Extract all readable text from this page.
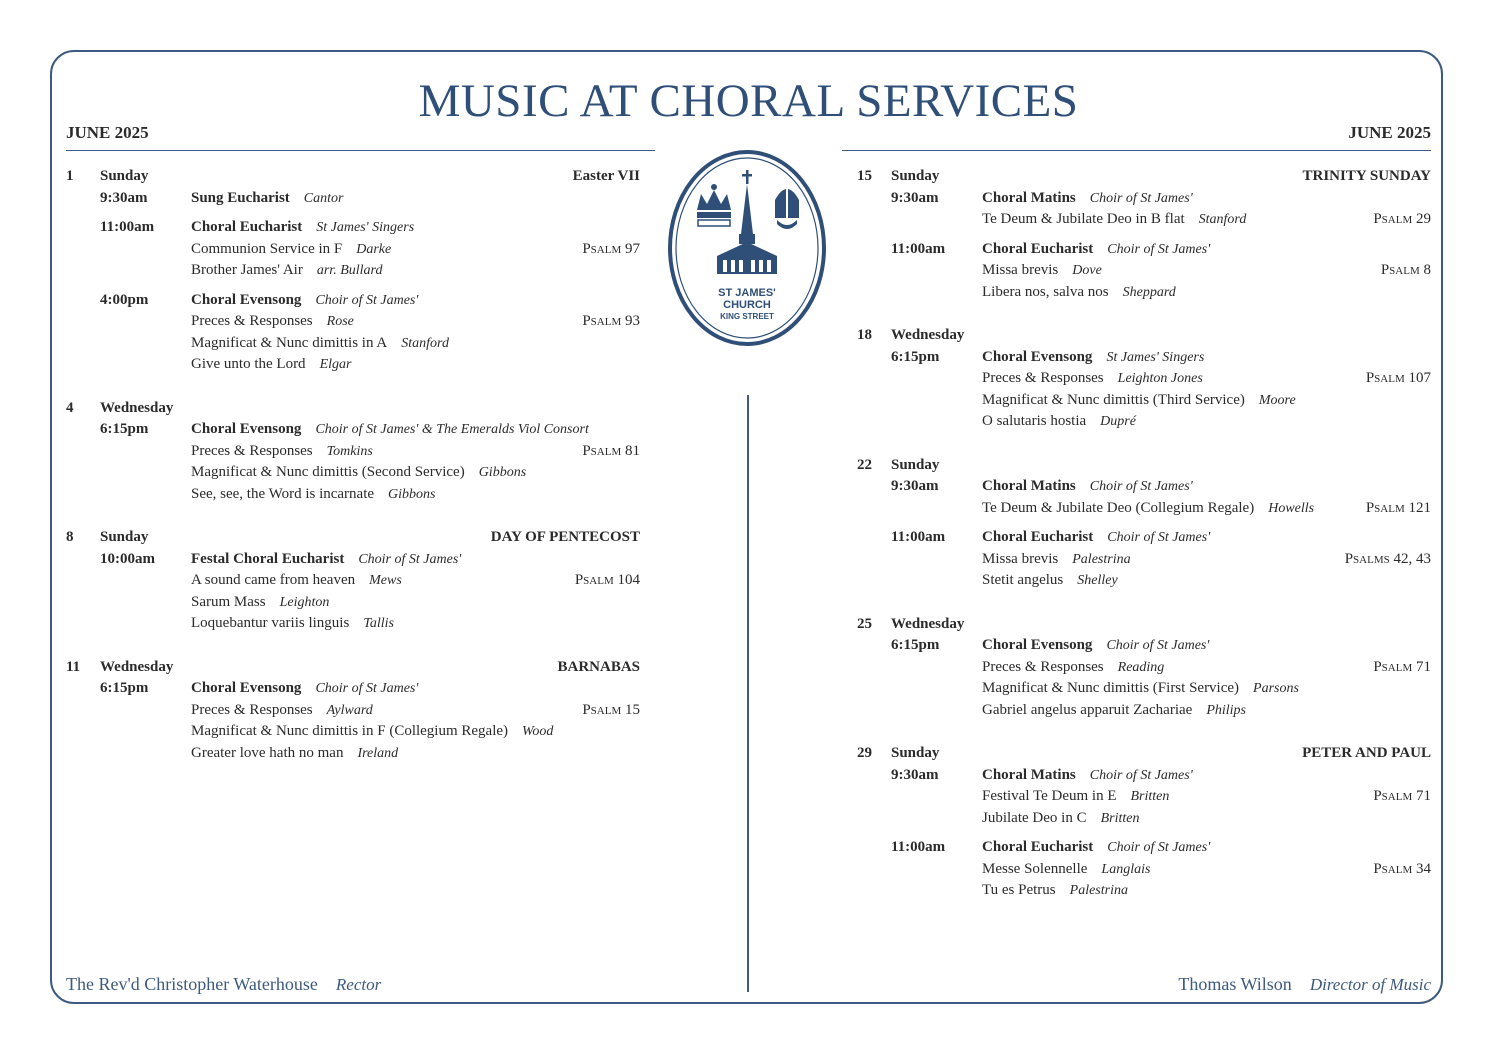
MUSIC AT CHORAL SERVICES
JUNE 2025	JUNE 2025
ST JAMES'
CHURCH
KING STREET
1	Sunday	Easter VII
9:30am	Sung Eucharist Cantor
11:00am	Choral Eucharist St James' Singers
Communion Service in F Darke	Psalm 97
Brother James' Air arr. Bullard
4:00pm	Choral Evensong Choir of St James'
Preces & Responses Rose	Psalm 93
Magnificat & Nunc dimittis in A Stanford
Give unto the Lord Elgar
4	Wednesday
6:15pm	Choral Evensong Choir of St James' & The Emeralds Viol Consort
Preces & Responses Tomkins	Psalm 81
Magnificat & Nunc dimittis (Second Service) Gibbons
See, see, the Word is incarnate Gibbons
8	Sunday	DAY OF PENTECOST
10:00am	Festal Choral Eucharist Choir of St James'
A sound came from heaven Mews	Psalm 104
Sarum Mass Leighton
Loquebantur variis linguis Tallis
11	Wednesday	BARNABAS
6:15pm	Choral Evensong Choir of St James'
Preces & Responses Aylward	Psalm 15
Magnificat & Nunc dimittis in F (Collegium Regale) Wood
Greater love hath no man Ireland
15	Sunday	TRINITY SUNDAY
9:30am	Choral Matins Choir of St James'
Te Deum & Jubilate Deo in B flat Stanford	Psalm 29
11:00am	Choral Eucharist Choir of St James'
Missa brevis Dove	Psalm 8
Libera nos, salva nos Sheppard
18	Wednesday
6:15pm	Choral Evensong St James' Singers
Preces & Responses Leighton Jones	Psalm 107
Magnificat & Nunc dimittis (Third Service) Moore
O salutaris hostia Dupré
22	Sunday
9:30am	Choral Matins Choir of St James'
Te Deum & Jubilate Deo (Collegium Regale) Howells	Psalm 121
11:00am	Choral Eucharist Choir of St James'
Missa brevis Palestrina	Psalms 42, 43
Stetit angelus Shelley
25	Wednesday
6:15pm	Choral Evensong Choir of St James'
Preces & Responses Reading	Psalm 71
Magnificat & Nunc dimittis (First Service) Parsons
Gabriel angelus apparuit Zachariae Philips
29	Sunday	PETER AND PAUL
9:30am	Choral Matins Choir of St James'
Festival Te Deum in E Britten	Psalm 71
Jubilate Deo in C Britten
11:00am	Choral Eucharist Choir of St James'
Messe Solennelle Langlais	Psalm 34
Tu es Petrus Palestrina
The Rev'd Christopher Waterhouse Rector	Thomas Wilson Director of Music
